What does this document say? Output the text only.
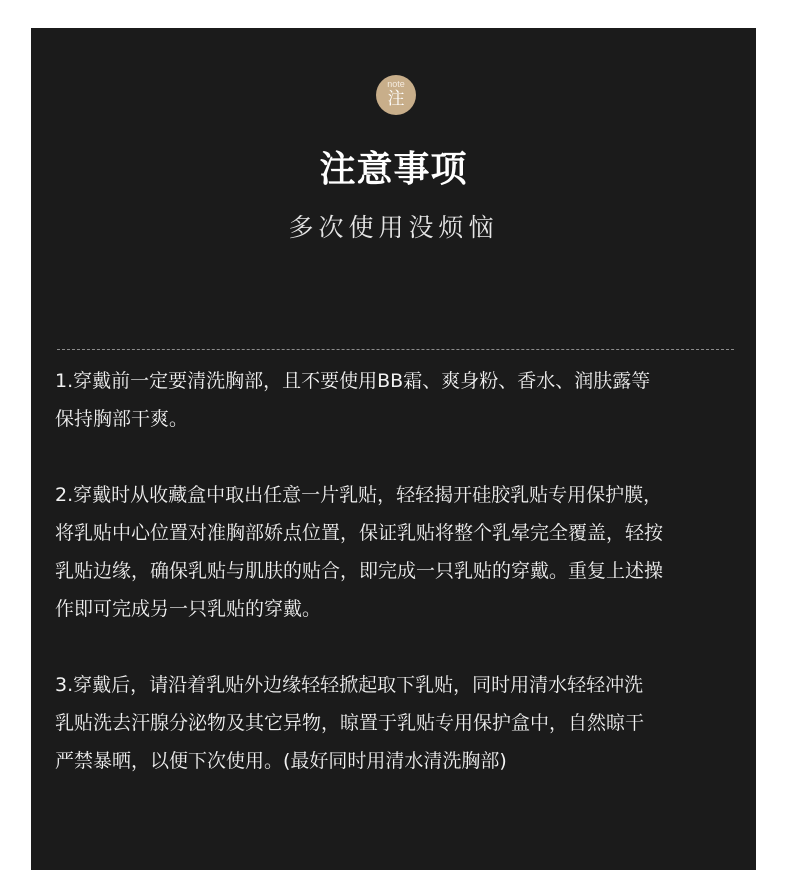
note
注
注意事项
多次使用没烦恼
1.穿戴前一定要清洗胸部，且不要使用BB霜、爽身粉、香水、润肤露等
保持胸部干爽。
2.穿戴时从收藏盒中取出任意一片乳贴，轻轻揭开硅胶乳贴专用保护膜，
将乳贴中心位置对准胸部娇点位置，保证乳贴将整个乳晕完全覆盖，轻按
乳贴边缘，确保乳贴与肌肤的贴合，即完成一只乳贴的穿戴。重复上述操
作即可完成另一只乳贴的穿戴。
3.穿戴后，请沿着乳贴外边缘轻轻掀起取下乳贴，同时用清水轻轻冲洗
乳贴洗去汗腺分泌物及其它异物，晾置于乳贴专用保护盒中，自然晾干
严禁暴晒，以便下次使用。(最好同时用清水清洗胸部)
